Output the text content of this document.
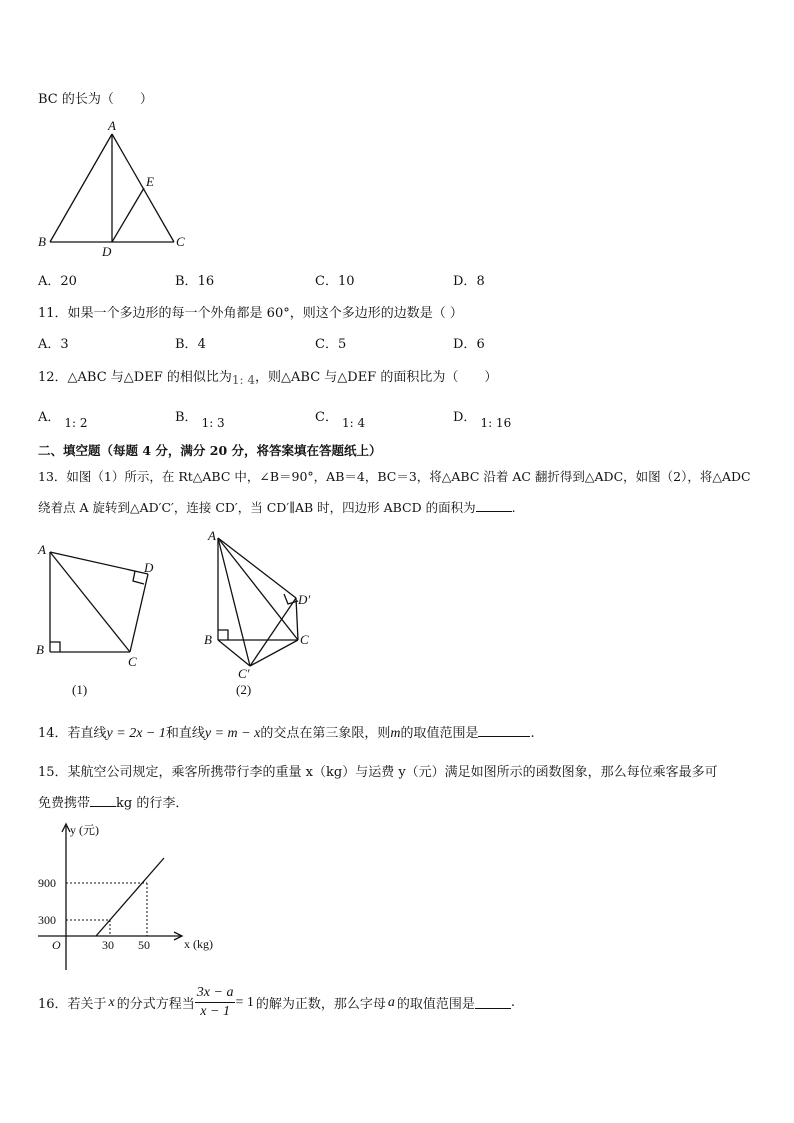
BC 的长为（　　）
A
B	C
D
E
A．20	B．16	C．10	D．8
11．如果一个多边形的每一个外角都是 60°，则这个多边形的边数是（ ）
A．3	B．4	C．5	D．6
12．△ABC 与△DEF 的相似比为1: 4，则△ABC 与△DEF 的面积比为（　　）
A． 1: 2	B． 1: 3	C． 1: 4	D． 1: 16
二、填空题（每题 4 分，满分 20 分，将答案填在答题纸上）
13．如图（1）所示，在 Rt△ABC 中，∠B＝90°，AB＝4，BC＝3，将△ABC 沿着 AC 翻折得到△ADC，如图（2），将△ADC
绕着点 A 旋转到△AD′C′，连接 CD′，当 CD′∥AB 时，四边形 ABCD 的面积为	.
A
B
C
D
(1)
A
B	C
D′
C′
(2)
14．若直线y = 2x − 1和直线y = m − x的交点在第三象限，则m的取值范围是	.
15．某航空公司规定，乘客所携带行李的重量 x（kg）与运费 y（元）满足如图所示的函数图象，那么每位乘客最多可
免费携带 kg 的行李．
y (元)
x (kg)
O
900
300
30 50
16．若关于 x 的分式方程当 $\frac{3x - a}{x - 1} = 1$ 的解为正数，那么字母 a 的取值范围是	.
